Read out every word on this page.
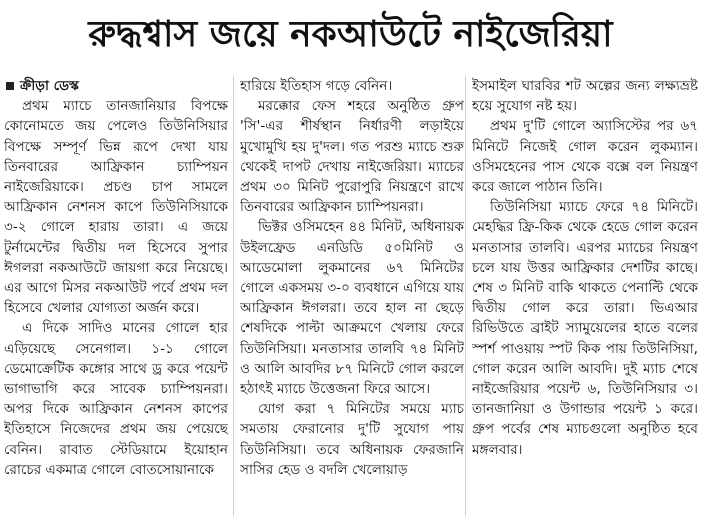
রুদ্ধশ্বাস জয়ে নকআউটে নাইজেরিয়া

ক্রীড়া ডেস্ক

প্রথম ম্যাচে তানজানিয়ার বিপক্ষে কোনোমতে জয় পেলেও তিউনিসিয়ার বিপক্ষে সম্পূর্ণ ভিন্ন রূপে দেখা যায় তিনবারের আফ্রিকান চ্যাম্পিয়ন নাইজেরিয়াকে। প্রচণ্ড চাপ সামলে আফ্রিকান নেশনস কাপে তিউনিসিয়াকে ৩-২ গোলে হারায় তারা। এ জয়ে টুর্নামেন্টের দ্বিতীয় দল হিসেবে সুপার ঈগলরা নকআউটে জায়গা করে নিয়েছে। এর আগে মিসর নকআউট পর্বে প্রথম দল হিসেবে খেলার যোগ্যতা অর্জন করে।

এ দিকে সাদিও মানের গোলে হার এড়িয়েছে সেনেগাল। ১-১ গোলে ডেমোক্রেটিক কঙ্গোর সাথে ড্র করে পয়েন্ট ভাগাভাগি করে সাবেক চ্যাম্পিয়নরা। অপর দিকে আফ্রিকান নেশনস কাপের ইতিহাসে নিজেদের প্রথম জয় পেয়েছে বেনিন। রাবাত স্টেডিয়ামে ইয়োহান রোচের একমাত্র গোলে বোতসোয়ানাকে

হারিয়ে ইতিহাস গড়ে বেনিন।

মরক্কোর ফেস শহরে অনুষ্ঠিত গ্রুপ 'সি'-এর শীর্ষস্থান নির্ধারণী লড়াইয়ে মুখোমুখি হয় দু'দল। গত পরশু ম্যাচে শুরু থেকেই দাপট দেখায় নাইজেরিয়া। ম্যাচের প্রথম ৩০ মিনিট পুরোপুরি নিয়ন্ত্রণে রাখে তিনবারের আফ্রিকান চ্যাম্পিয়নরা।

ভিক্টর ওসিমহেন ৪৪ মিনিট, অধিনায়ক উইলফ্রেড এনডিডি ৫০মিনিট ও আডেমোলা লুকমানের ৬৭ মিনিটের গোলে একসময় ৩-০ ব্যবধানে এগিয়ে যায় আফ্রিকান ঈগলরা। তবে হাল না ছেড়ে শেষদিকে পাল্টা আক্রমণে খেলায় ফেরে তিউনিসিয়া। মনতাসার তালবি ৭৪ মিনিট ও আলি আবদির ৮৭ মিনিটে গোল করলে হঠাৎই ম্যাচে উত্তেজনা ফিরে আসে।

যোগ করা ৭ মিনিটের সময়ে ম্যাচ সমতায় ফেরানোর দু'টি সুযোগ পায় তিউনিসিয়া। তবে অধিনায়ক ফেরজানি সাসির হেড ও বদলি খেলোয়াড়

ইসমাইল ঘারবির শট অল্পের জন্য লক্ষ্যভ্রষ্ট হয়ে সুযোগ নষ্ট হয়।

প্রথম দু'টি গোলে অ্যাসিস্টের পর ৬৭ মিনিটে নিজেই গোল করেন লুকম্যান। ওসিমহেনের পাস থেকে বক্সে বল নিয়ন্ত্রণ করে জালে পাঠান তিনি।

তিউনিসিয়া ম্যাচে ফেরে ৭৪ মিনিটে। মেহদ্ধির ফ্রি-কিক থেকে হেডে গোল করেন মনতাসার তালবি। এরপর ম্যাচের নিয়ন্ত্রণ চলে যায় উত্তর আফ্রিকার দেশটির কাছে। শেষ ৩ মিনিট বাকি থাকতে পেনাল্টি থেকে দ্বিতীয় গোল করে তারা। ভিএআর রিভিউতে ব্রাইট স্যামুয়েলের হাতে বলের স্পর্শ পাওয়ায় স্পট কিক পায় তিউনিসিয়া, গোল করেন আলি আবদি। দুই ম্যাচ শেষে নাইজেরিয়ার পয়েন্ট ৬, তিউনিসিয়ার ৩। তানজানিয়া ও উগান্ডার পয়েন্ট ১ করে। গ্রুপ পর্বের শেষ ম্যাচগুলো অনুষ্ঠিত হবে মঙ্গলবার।
